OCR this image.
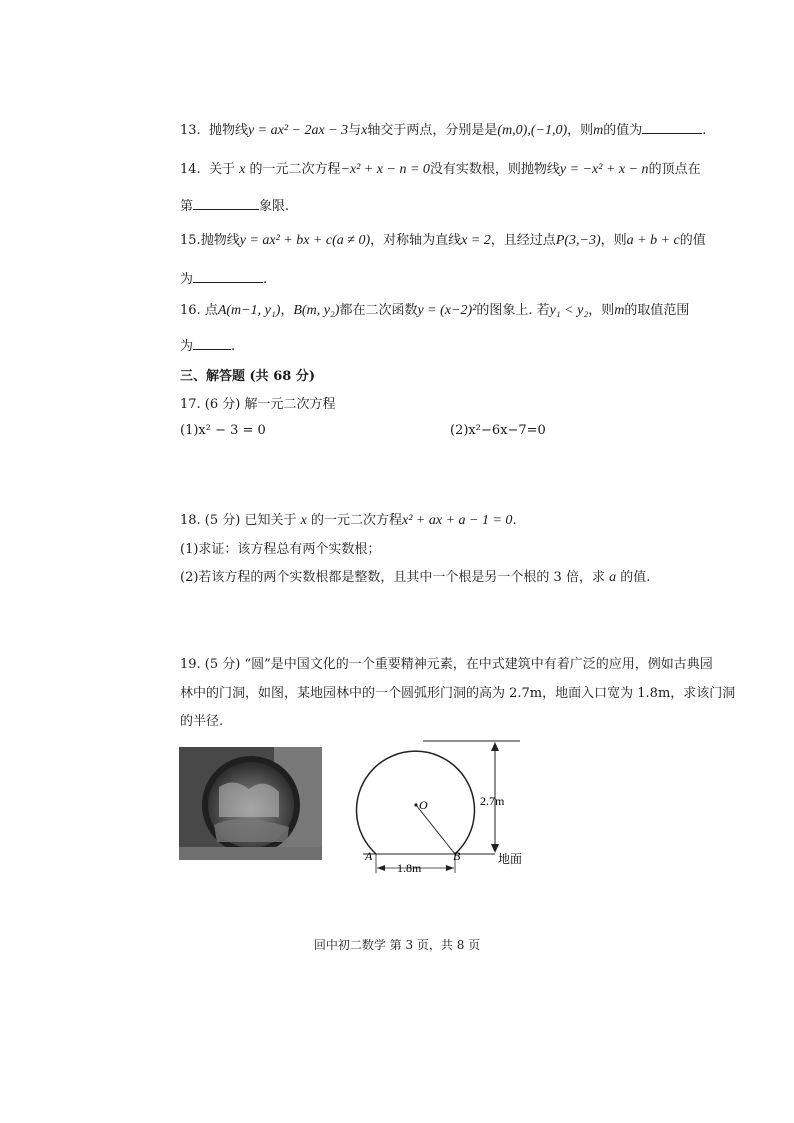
13. 抛物线y = ax² − 2ax − 3与x轴交于两点，分别是是(m,0),(−1,0)，则m的值为	.
14. 关于 x 的一元二次方程−x² + x − n = 0没有实数根，则抛物线y = −x² + x − n的顶点在
第	象限.
15.抛物线y = ax² + bx + c(a ≠ 0)，对称轴为直线x = 2，且经过点P(3,−3)，则a + b + c的值
为	.
16. 点A(m−1, y₁)，B(m, y₂)都在二次函数y = (x−2)²的图象上. 若y₁ < y₂，则m的取值范围
为	.
三、解答题 (共 68 分)
17. (6 分) 解一元二次方程
(1)x² − 3 = 0	(2)x²−6x−7=0
18. (5 分) 已知关于 x 的一元二次方程x² + ax + a − 1 = 0.
(1)求证：该方程总有两个实数根；
(2)若该方程的两个实数根都是整数，且其中一个根是另一个根的 3 倍，求 a 的值.
19. (5 分) “圆”是中国文化的一个重要精神元素，在中式建筑中有着广泛的应用，例如古典园
林中的门洞，如图，某地园林中的一个圆弧形门洞的高为 2.7m，地面入口宽为 1.8m，求该门洞
的半径.
O	2.7m
A	B
1.8m
地面
回中初二数学 第 3 页，共 8 页
